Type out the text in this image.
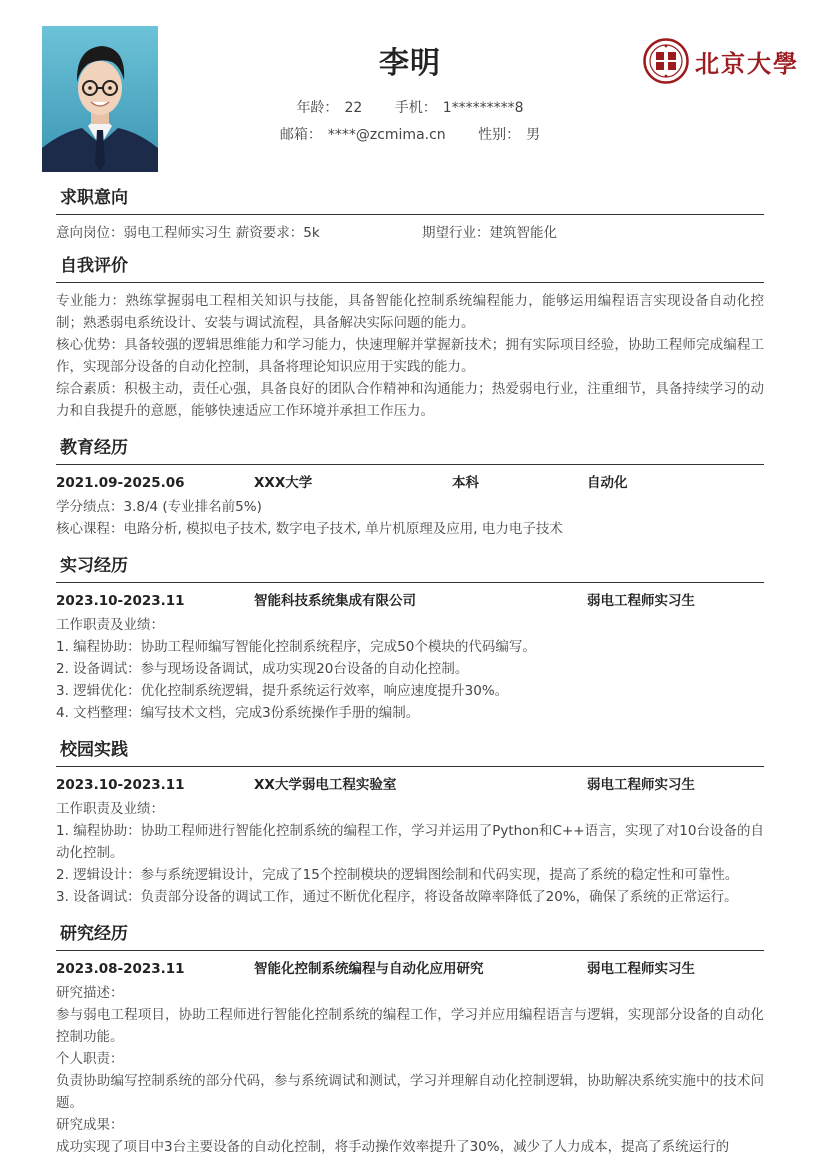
李明
年龄： 22 手机： 1*********8
邮箱： ****@zcmima.cn 性别： 男
北京大學
求职意向
意向岗位：弱电工程师实习生 薪资要求：5k	期望行业：建筑智能化
自我评价
专业能力：熟练掌握弱电工程相关知识与技能，具备智能化控制系统编程能力，能够运用编程语言实现设备自动化控制；熟悉弱电系统设计、安装与调试流程，具备解决实际问题的能力。
核心优势：具备较强的逻辑思维能力和学习能力，快速理解并掌握新技术；拥有实际项目经验，协助工程师完成编程工作，实现部分设备的自动化控制，具备将理论知识应用于实践的能力。
综合素质：积极主动，责任心强，具备良好的团队合作精神和沟通能力；热爱弱电行业，注重细节，具备持续学习的动力和自我提升的意愿，能够快速适应工作环境并承担工作压力。
教育经历
2021.09-2025.06	XXX大学	本科	自动化
学分绩点：3.8/4 (专业排名前5%)
核心课程：电路分析, 模拟电子技术, 数字电子技术, 单片机原理及应用, 电力电子技术
实习经历
2023.10-2023.11	智能科技系统集成有限公司	弱电工程师实习生
工作职责及业绩：
1. 编程协助：协助工程师编写智能化控制系统程序，完成50个模块的代码编写。
2. 设备调试：参与现场设备调试，成功实现20台设备的自动化控制。
3. 逻辑优化：优化控制系统逻辑，提升系统运行效率，响应速度提升30%。
4. 文档整理：编写技术文档，完成3份系统操作手册的编制。
校园实践
2023.10-2023.11	XX大学弱电工程实验室	弱电工程师实习生
工作职责及业绩：
1. 编程协助：协助工程师进行智能化控制系统的编程工作，学习并运用了Python和C++语言，实现了对10台设备的自动化控制。
2. 逻辑设计：参与系统逻辑设计，完成了15个控制模块的逻辑图绘制和代码实现，提高了系统的稳定性和可靠性。
3. 设备调试：负责部分设备的调试工作，通过不断优化程序，将设备故障率降低了20%，确保了系统的正常运行。
研究经历
2023.08-2023.11	智能化控制系统编程与自动化应用研究	弱电工程师实习生
研究描述：
参与弱电工程项目，协助工程师进行智能化控制系统的编程工作，学习并应用编程语言与逻辑，实现部分设备的自动化控制功能。
个人职责：
负责协助编写控制系统的部分代码，参与系统调试和测试，学习并理解自动化控制逻辑，协助解决系统实施中的技术问题。
研究成果：
成功实现了项目中3台主要设备的自动化控制，将手动操作效率提升了30%，减少了人力成本，提高了系统运行的
